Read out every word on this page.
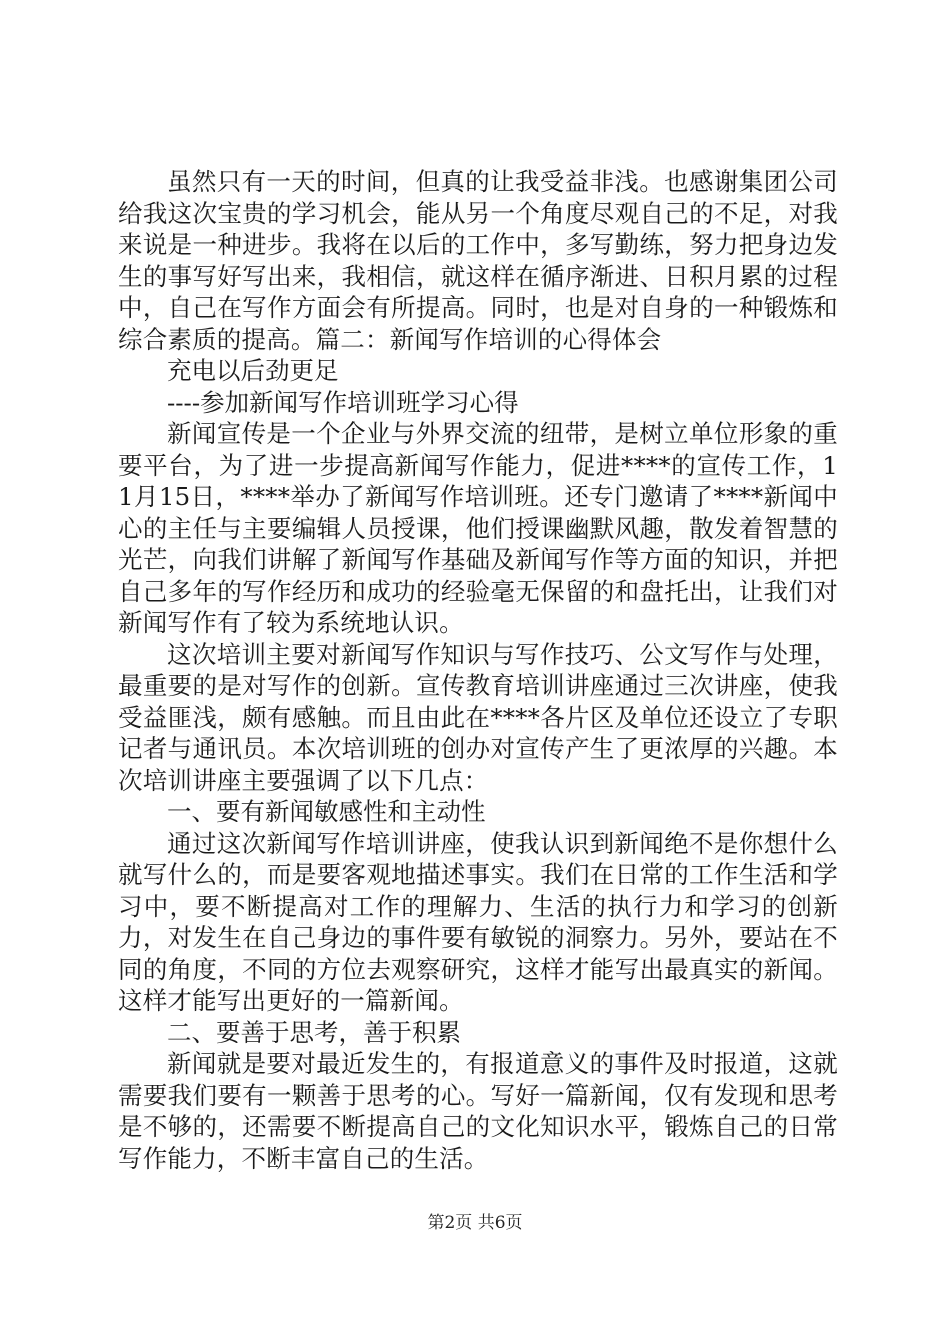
虽然只有一天的时间，但真的让我受益非浅。也感谢集团公司给我这次宝贵的学习机会，能从另一个角度尽观自己的不足，对我来说是一种进步。我将在以后的工作中，多写勤练，努力把身边发生的事写好写出来，我相信，就这样在循序渐进、日积月累的过程中，自己在写作方面会有所提高。同时，也是对自身的一种锻炼和综合素质的提高。篇二：新闻写作培训的心得体会

充电以后劲更足

----参加新闻写作培训班学习心得

新闻宣传是一个企业与外界交流的纽带，是树立单位形象的重要平台，为了进一步提高新闻写作能力，促进****的宣传工作，11月15日，****举办了新闻写作培训班。还专门邀请了****新闻中心的主任与主要编辑人员授课，他们授课幽默风趣，散发着智慧的光芒，向我们讲解了新闻写作基础及新闻写作等方面的知识，并把自己多年的写作经历和成功的经验毫无保留的和盘托出，让我们对新闻写作有了较为系统地认识。

这次培训主要对新闻写作知识与写作技巧、公文写作与处理，最重要的是对写作的创新。宣传教育培训讲座通过三次讲座，使我受益匪浅，颇有感触。而且由此在****各片区及单位还设立了专职记者与通讯员。本次培训班的创办对宣传产生了更浓厚的兴趣。本次培训讲座主要强调了以下几点：

一、要有新闻敏感性和主动性

通过这次新闻写作培训讲座，使我认识到新闻绝不是你想什么就写什么的，而是要客观地描述事实。我们在日常的工作生活和学习中，要不断提高对工作的理解力、生活的执行力和学习的创新力，对发生在自己身边的事件要有敏锐的洞察力。另外，要站在不同的角度，不同的方位去观察研究，这样才能写出最真实的新闻。这样才能写出更好的一篇新闻。

二、要善于思考，善于积累

新闻就是要对最近发生的，有报道意义的事件及时报道，这就需要我们要有一颗善于思考的心。写好一篇新闻，仅有发现和思考是不够的，还需要不断提高自己的文化知识水平，锻炼自己的日常写作能力，不断丰富自己的生活。

第2页 共6页
